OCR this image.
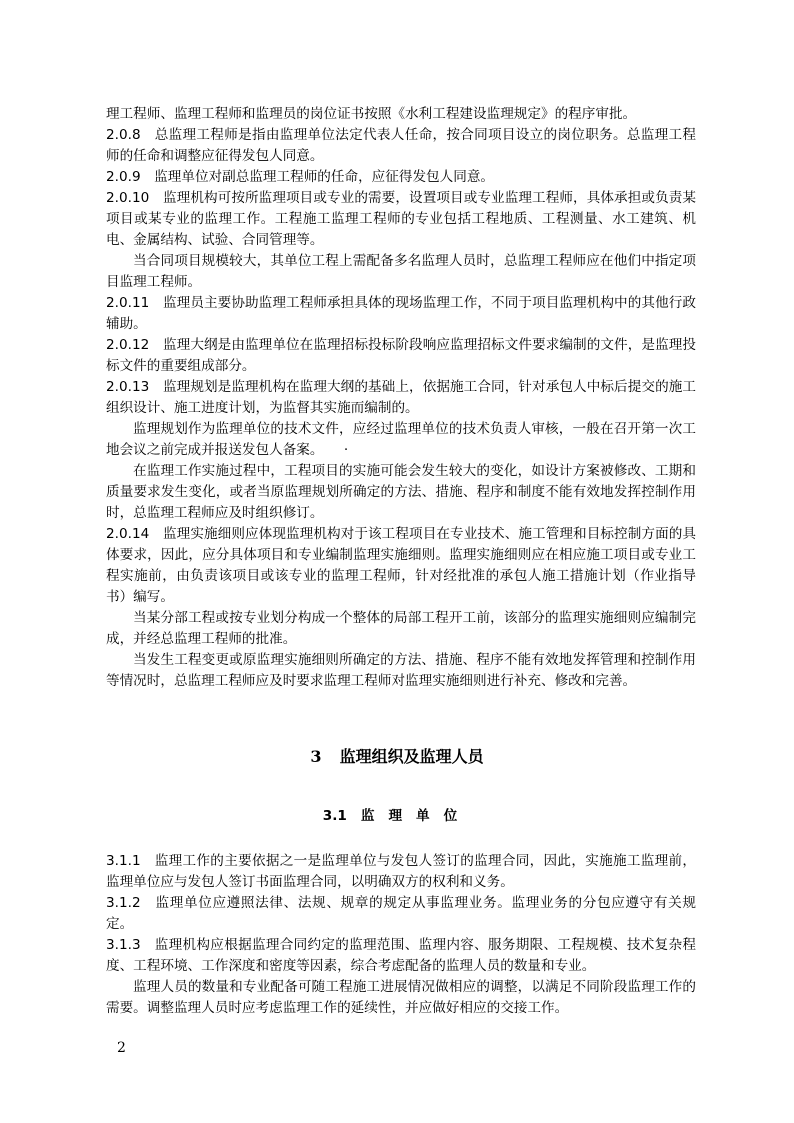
理工程师、监理工程师和监理员的岗位证书按照《水利工程建设监理规定》的程序审批。

2.0.8　总监理工程师是指由监理单位法定代表人任命，按合同项目设立的岗位职务。总监理工程师的任命和调整应征得发包人同意。

2.0.9　监理单位对副总监理工程师的任命，应征得发包人同意。

2.0.10　监理机构可按所监理项目或专业的需要，设置项目或专业监理工程师，具体承担或负责某项目或某专业的监理工作。工程施工监理工程师的专业包括工程地质、工程测量、水工建筑、机电、金属结构、试验、合同管理等。

当合同项目规模较大，其单位工程上需配备多名监理人员时，总监理工程师应在他们中指定项目监理工程师。

2.0.11　监理员主要协助监理工程师承担具体的现场监理工作，不同于项目监理机构中的其他行政辅助。

2.0.12　监理大纲是由监理单位在监理招标投标阶段响应监理招标文件要求编制的文件，是监理投标文件的重要组成部分。

2.0.13　监理规划是监理机构在监理大纲的基础上，依据施工合同，针对承包人中标后提交的施工组织设计、施工进度计划，为监督其实施而编制的。

监理规划作为监理单位的技术文件，应经过监理单位的技术负责人审核，一般在召开第一次工地会议之前完成并报送发包人备案。　　·

在监理工作实施过程中，工程项目的实施可能会发生较大的变化，如设计方案被修改、工期和质量要求发生变化，或者当原监理规划所确定的方法、措施、程序和制度不能有效地发挥控制作用时，总监理工程师应及时组织修订。

2.0.14　监理实施细则应体现监理机构对于该工程项目在专业技术、施工管理和目标控制方面的具体要求，因此，应分具体项目和专业编制监理实施细则。监理实施细则应在相应施工项目或专业工程实施前，由负责该项目或该专业的监理工程师，针对经批准的承包人施工措施计划（作业指导书）编写。

当某分部工程或按专业划分构成一个整体的局部工程开工前，该部分的监理实施细则应编制完成，并经总监理工程师的批准。

当发生工程变更或原监理实施细则所确定的方法、措施、程序不能有效地发挥管理和控制作用等情况时，总监理工程师应及时要求监理工程师对监理实施细则进行补充、修改和完善。

3 监理组织及监理人员
3.1 监理单位

3.1.1　监理工作的主要依据之一是监理单位与发包人签订的监理合同，因此，实施施工监理前，监理单位应与发包人签订书面监理合同，以明确双方的权利和义务。

3.1.2　监理单位应遵照法律、法规、规章的规定从事监理业务。监理业务的分包应遵守有关规定。

3.1.3　监理机构应根据监理合同约定的监理范围、监理内容、服务期限、工程规模、技术复杂程度、工程环境、工作深度和密度等因素，综合考虑配备的监理人员的数量和专业。

监理人员的数量和专业配备可随工程施工进展情况做相应的调整，以满足不同阶段监理工作的需要。调整监理人员时应考虑监理工作的延续性，并应做好相应的交接工作。

2
